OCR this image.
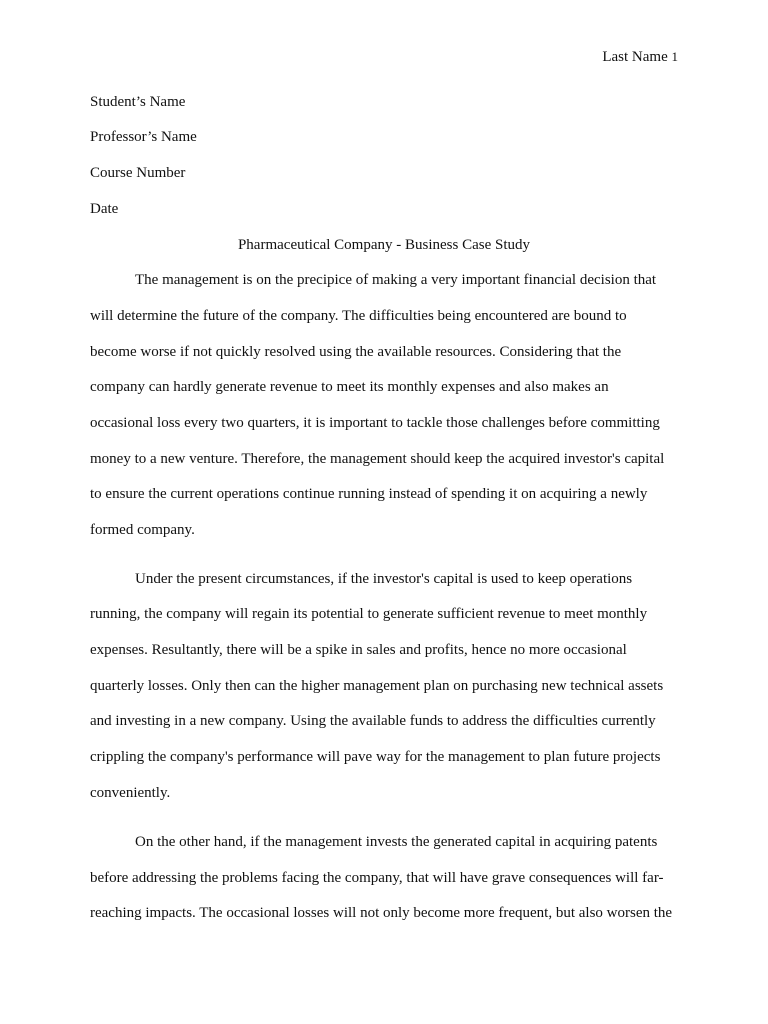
Last Name 1
Student’s Name
Professor’s Name
Course Number
Date
Pharmaceutical Company - Business Case Study
The management is on the precipice of making a very important financial decision that
will determine the future of the company. The difficulties being encountered are bound to
become worse if not quickly resolved using the available resources. Considering that the
company can hardly generate revenue to meet its monthly expenses and also makes an
occasional loss every two quarters, it is important to tackle those challenges before committing
money to a new venture. Therefore, the management should keep the acquired investor's capital
to ensure the current operations continue running instead of spending it on acquiring a newly
formed company.
Under the present circumstances, if the investor's capital is used to keep operations
running, the company will regain its potential to generate sufficient revenue to meet monthly
expenses. Resultantly, there will be a spike in sales and profits, hence no more occasional
quarterly losses. Only then can the higher management plan on purchasing new technical assets
and investing in a new company. Using the available funds to address the difficulties currently
crippling the company's performance will pave way for the management to plan future projects
conveniently.
On the other hand, if the management invests the generated capital in acquiring patents
before addressing the problems facing the company, that will have grave consequences will far-
reaching impacts. The occasional losses will not only become more frequent, but also worsen the
